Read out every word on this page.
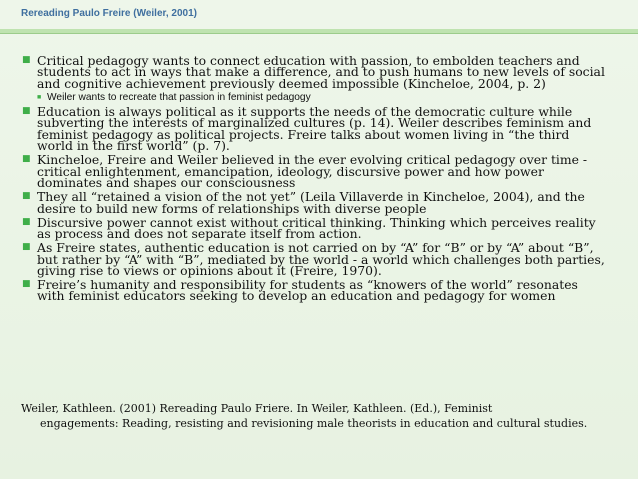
Rereading Paulo Freire (Weiler, 2001)
■ Critical pedagogy wants to connect education with passion, to embolden teachers and students to act in ways that make a difference, and to push humans to new levels of social and cognitive achievement previously deemed impossible (Kincheloe, 2004, p. 2)
■ Weiler wants to recreate that passion in feminist pedagogy
■ Education is always political as it supports the needs of the democratic culture while subverting the interests of marginalized cultures (p. 14). Weiler describes feminism and feminist pedagogy as political projects. Freire talks about women living in “the third world in the first world” (p. 7).
■ Kincheloe, Freire and Weiler believed in the ever evolving critical pedagogy over time - critical enlightenment, emancipation, ideology, discursive power and how power dominates and shapes our consciousness
■ They all “retained a vision of the not yet” (Leila Villaverde in Kincheloe, 2004), and the desire to build new forms of relationships with diverse people
■ Discursive power cannot exist without critical thinking. Thinking which perceives reality as process and does not separate itself from action.
■ As Freire states, authentic education is not carried on by “A” for “B” or by “A” about “B”, but rather by “A” with “B”, mediated by the world - a world which challenges both parties, giving rise to views or opinions about it (Freire, 1970).
■ Freire’s humanity and responsibility for students as “knowers of the world” resonates with feminist educators seeking to develop an education and pedagogy for women
Weiler, Kathleen. (2001) Rereading Paulo Friere. In Weiler, Kathleen. (Ed.), Feminist
engagements: Reading, resisting and revisioning male theorists in education and cultural studies.
